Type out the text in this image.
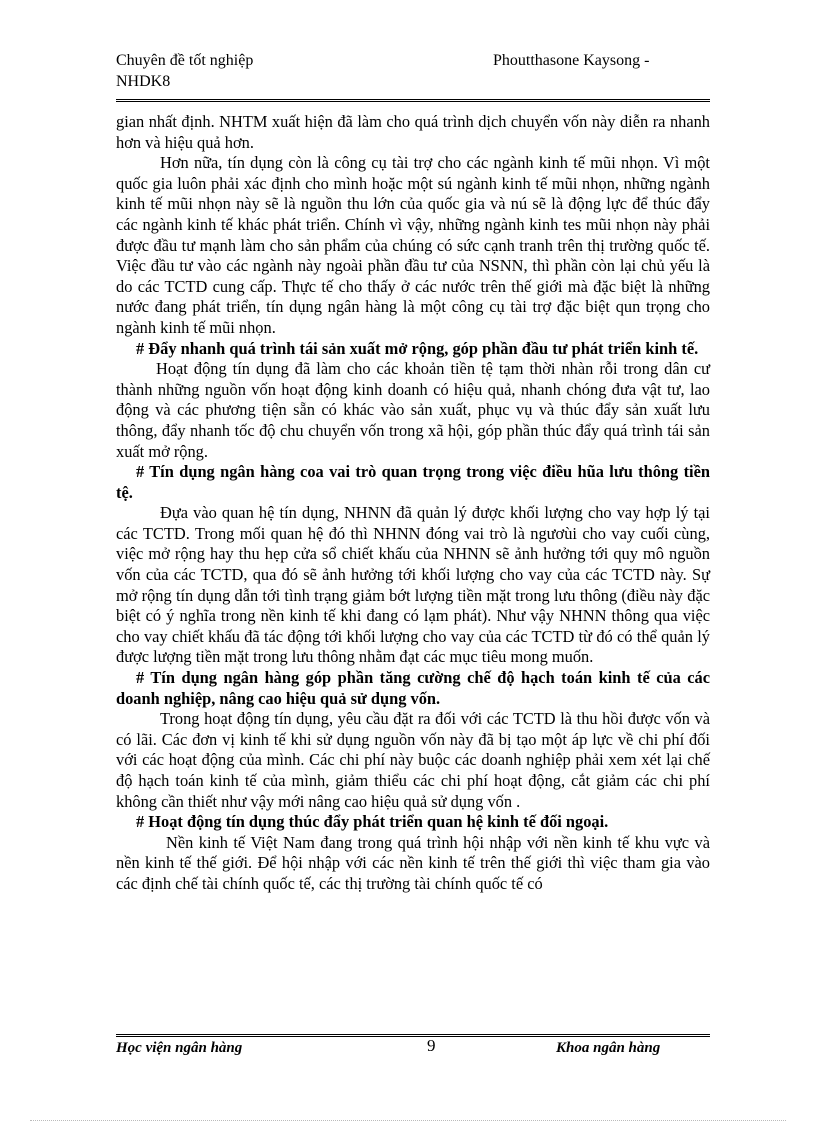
Chuyên đề tốt nghiệp
NHDK8
Phoutthasone Kaysong -

gian nhất định. NHTM xuất hiện đã làm cho quá trình dịch chuyển vốn này diễn ra nhanh hơn và hiệu quả hơn.

Hơn nữa, tín dụng còn là công cụ tài trợ cho các ngành kinh tế mũi nhọn. Vì một quốc gia luôn phải xác định cho mình hoặc một sú ngành kinh tế mũi nhọn, những ngành kinh tế mũi nhọn này sẽ là nguồn thu lớn của quốc gia và nú sẽ là động lực để thúc đẩy các ngành kinh tế khác phát triển. Chính vì vậy, những ngành kinh tes mũi nhọn này phải được đầu tư mạnh làm cho sản phẩm của chúng có sức cạnh tranh trên thị trường quốc tế. Việc đầu tư vào các ngành này ngoài phần đầu tư của NSNN, thì phần còn lại chủ yếu là do các TCTD cung cấp. Thực tế cho thấy ở các nước trên thế giới mà đặc biệt là những nước đang phát triển, tín dụng ngân hàng là một công cụ tài trợ đặc biệt qun trọng cho ngành kinh tế mũi nhọn.

# Đẩy nhanh quá trình tái sản xuất mở rộng, góp phần đầu tư phát triển kinh tế.

Hoạt động tín dụng đã làm cho các khoản tiền tệ tạm thời nhàn rỗi trong dân cư thành những nguồn vốn hoạt động kinh doanh có hiệu quả, nhanh chóng đưa vật tư, lao động và các phương tiện sẵn có khác vào sản xuất, phục vụ và thúc đẩy sản xuất lưu thông, đẩy nhanh tốc độ chu chuyển vốn trong xã hội, góp phần thúc đẩy quá trình tái sản xuất mở rộng.

# Tín dụng ngân hàng coa vai trò quan trọng trong việc điều hũa lưu thông tiền tệ.

Đựa vào quan hệ tín dụng, NHNN đã quản lý được khối lượng cho vay hợp lý tại các TCTD. Trong mối quan hệ đó thì NHNN đóng vai trò là ngươùi cho vay cuối cùng, việc mở rộng hay thu hẹp cửa sổ chiết khấu của NHNN sẽ ảnh hưởng tới quy mô nguồn vốn của các TCTD, qua đó sẽ ảnh hưởng tới khối lượng cho vay của các TCTD này. Sự mở rộng tín dụng dẫn tới tình trạng giảm bớt lượng tiền mặt trong lưu thông (điều này đặc biệt có ý nghĩa trong nền kinh tế khi đang có lạm phát). Như vậy NHNN thông qua việc cho vay chiết khấu đã tác động tới khối lượng cho vay của các TCTD từ đó có thể quản lý được lượng tiền mặt trong lưu thông nhằm đạt các mục tiêu mong muốn.

# Tín dụng ngân hàng góp phần tăng cường chế độ hạch toán kinh tế của các doanh nghiệp, nâng cao hiệu quả sử dụng vốn.

Trong hoạt động tín dụng, yêu cầu đặt ra đối với các TCTD là thu hồi được vốn và có lãi. Các đơn vị kinh tế khi sử dụng nguồn vốn này đã bị tạo một áp lực về chi phí đối với các hoạt động của mình. Các chi phí này buộc các doanh nghiệp phải xem xét lại chế độ hạch toán kinh tế của mình, giảm thiểu các chi phí hoạt động, cắt giảm các chi phí không cần thiết như vậy mới nâng cao hiệu quả sử dụng vốn .

# Hoạt động tín dụng thúc đẩy phát triển quan hệ kinh tế đối ngoại.

Nền kinh tế Việt Nam đang trong quá trình hội nhập với nền kinh tế khu vực và nền kinh tế thế giới. Để hội nhập với các nền kinh tế trên thế giới thì việc tham gia vào các định chế tài chính quốc tế, các thị trường tài chính quốc tế có

Học viện ngân hàng	9	Khoa ngân hàng
